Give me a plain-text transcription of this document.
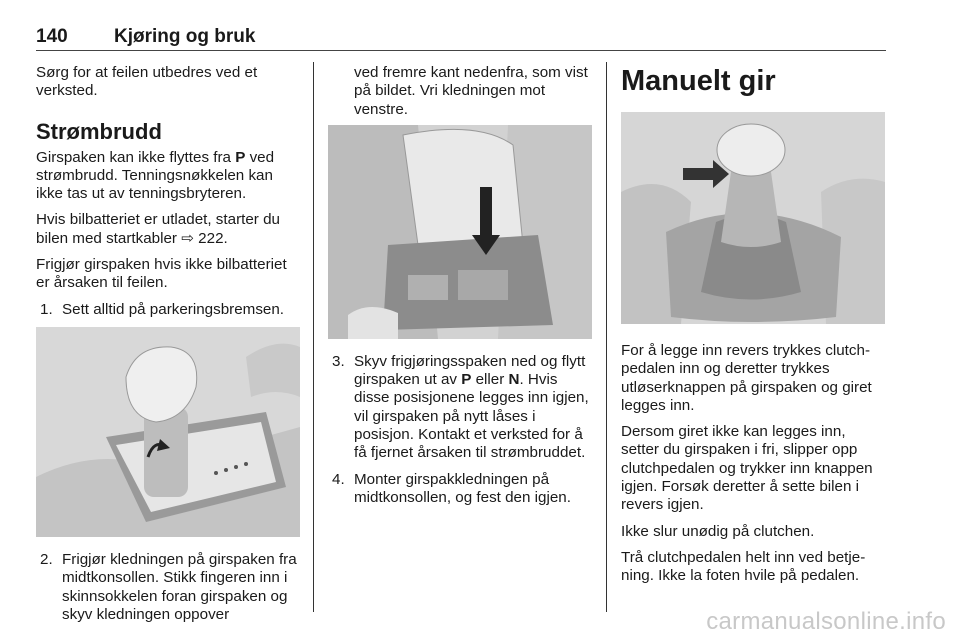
140 Kjøring og bruk

Sørg for at feilen utbedres ved et verksted.

Strømbrudd

Girspaken kan ikke flyttes fra P ved strømbrudd. Tenningsnøkkelen kan ikke tas ut av tenningsbryteren.

Hvis bilbatteriet er utladet, starter du bilen med startkabler ⇨ 222.

Frigjør girspaken hvis ikke bilbatteriet er årsaken til feilen.

1. Sett alltid på parkeringsbremsen.
2. Frigjør kledningen på girspaken fra midtkonsollen. Stikk fingeren inn i skinnsokkelen foran girspaken og skyv kledningen oppover
ved fremre kant nedenfra, som vist på bildet. Vri kledningen mot venstre.
3. Skyv frigjøringsspaken ned og flytt girspaken ut av P eller N. Hvis disse posisjonene legges inn igjen, vil girspaken på nytt låses i posisjon. Kontakt et verksted for å få fjernet årsaken til strømbruddet.
4. Monter girspakkledningen på midtkonsollen, og fest den igjen.
Manuelt gir

For å legge inn revers trykkes clutchpedalen inn og deretter trykkes utløserknappen på girspaken og giret legges inn.

Dersom giret ikke kan legges inn, setter du girspaken i fri, slipper opp clutchpedalen og trykker inn knappen igjen. Forsøk deretter å sette bilen i revers igjen.

Ikke slur unødig på clutchen.

Trå clutchpedalen helt inn ved betjening. Ikke la foten hvile på pedalen.

carmanualsonline.info
